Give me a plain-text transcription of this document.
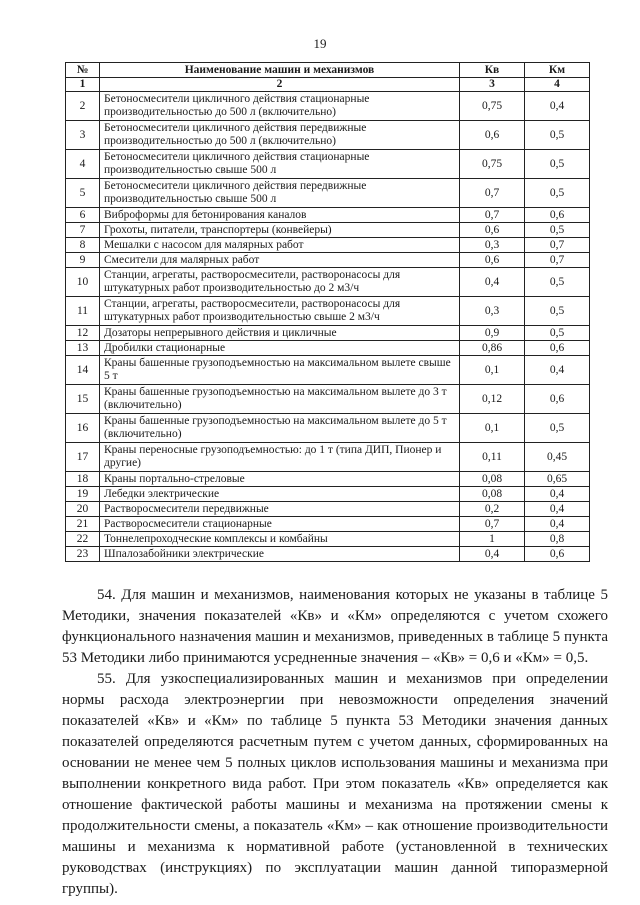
19
№	Наименование машин и механизмов	Кв	Км
1	2	3	4
2	Бетоносмесители цикличного действия стационарные производительностью до 500 л (включительно)	0,75	0,4
3	Бетоносмесители цикличного действия передвижные производительностью до 500 л (включительно)	0,6	0,5
4	Бетоносмесители цикличного действия стационарные производительностью свыше 500 л	0,75	0,5
5	Бетоносмесители цикличного действия передвижные производительностью свыше 500 л	0,7	0,5
6	Виброформы для бетонирования каналов	0,7	0,6
7	Грохоты, питатели, транспортеры (конвейеры)	0,6	0,5
8	Мешалки с насосом для малярных работ	0,3	0,7
9	Смесители для малярных работ	0,6	0,7
10	Станции, агрегаты, растворосмесители, растворонасосы для штукатурных работ производительностью до 2 м3/ч	0,4	0,5
11	Станции, агрегаты, растворосмесители, растворонасосы для штукатурных работ производительностью свыше 2 м3/ч	0,3	0,5
12	Дозаторы непрерывного действия и цикличные	0,9	0,5
13	Дробилки стационарные	0,86	0,6
14	Краны башенные грузоподъемностью на максимальном вылете свыше 5 т	0,1	0,4
15	Краны башенные грузоподъемностью на максимальном вылете до 3 т (включительно)	0,12	0,6
16	Краны башенные грузоподъемностью на максимальном вылете до 5 т (включительно)	0,1	0,5
17	Краны переносные грузоподъемностью: до 1 т (типа ДИП, Пионер и другие)	0,11	0,45
18	Краны портально-стреловые	0,08	0,65
19	Лебедки электрические	0,08	0,4
20	Растворосмесители передвижные	0,2	0,4
21	Растворосмесители стационарные	0,7	0,4
22	Тоннелепроходческие комплексы и комбайны	1	0,8
23	Шпалозабойники электрические	0,4	0,6

54. Для машин и механизмов, наименования которых не указаны в таблице 5 Методики, значения показателей «Кв» и «Км» определяются с учетом схожего функционального назначения машин и механизмов, приведенных в таблице 5 пункта 53 Методики либо принимаются усредненные значения – «Кв» = 0,6 и «Км» = 0,5.

55. Для узкоспециализированных машин и механизмов при определении нормы расхода электроэнергии при невозможности определения значений показателей «Кв» и «Км» по таблице 5 пункта 53 Методики значения данных показателей определяются расчетным путем с учетом данных, сформированных на основании не менее чем 5 полных циклов использования машины и механизма при выполнении конкретного вида работ. При этом показатель «Кв» определяется как отношение фактической работы машины и механизма на протяжении смены к продолжительности смены, а показатель «Км» – как отношение производительности машины и механизма к нормативной работе (установленной в технических руководствах (инструкциях) по эксплуатации машин данной типоразмерной группы).
